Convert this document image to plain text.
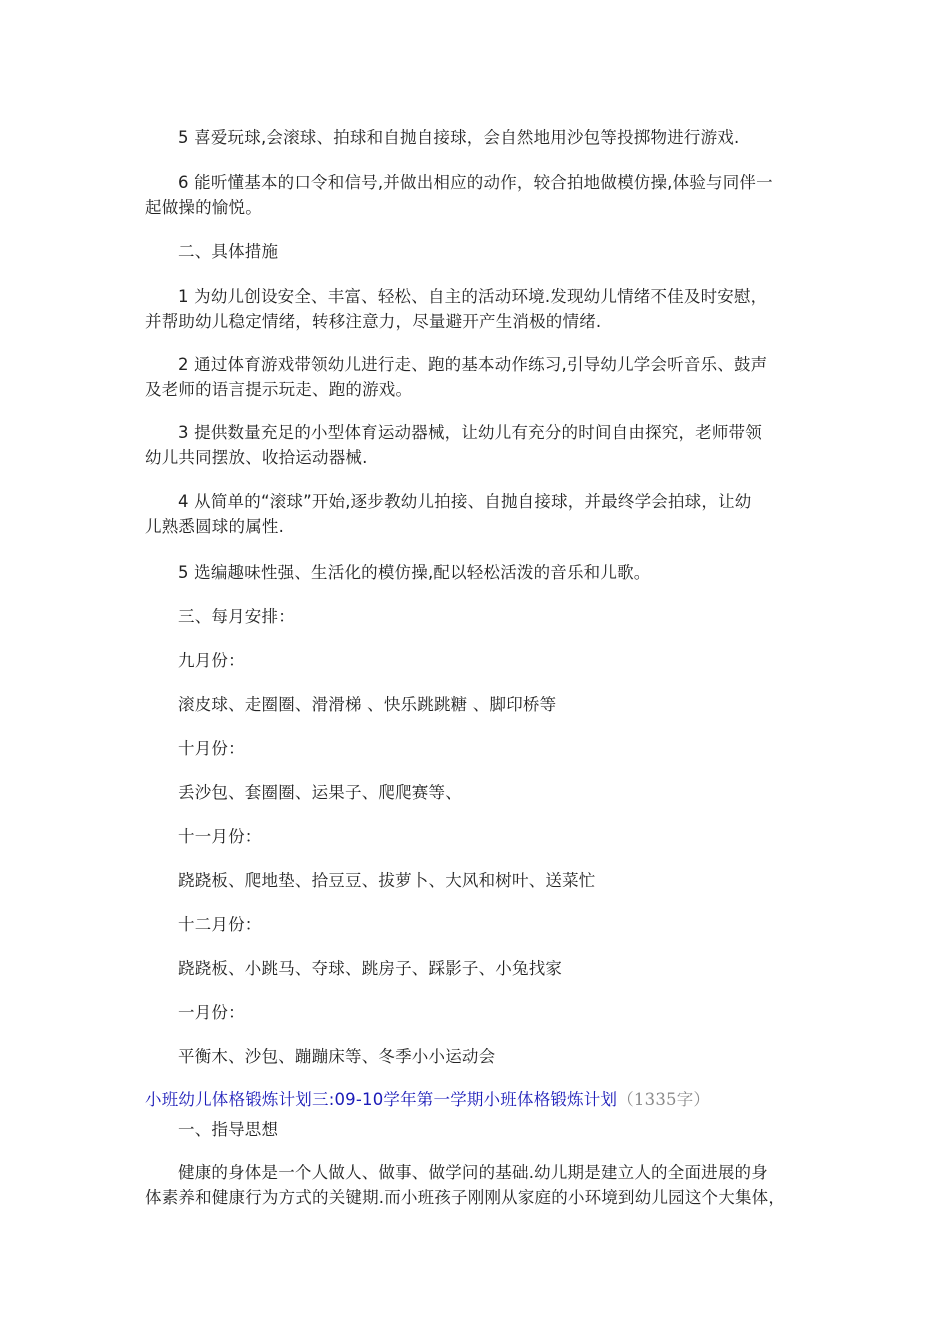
5 喜爱玩球,会滚球、拍球和自抛自接球，会自然地用沙包等投掷物进行游戏.
6 能听懂基本的口令和信号,并做出相应的动作，较合拍地做模仿操,体验与同伴一
起做操的愉悦。
二、具体措施
1 为幼儿创设安全、丰富、轻松、自主的活动环境.发现幼儿情绪不佳及时安慰，
并帮助幼儿稳定情绪，转移注意力，尽量避开产生消极的情绪.
2 通过体育游戏带领幼儿进行走、跑的基本动作练习,引导幼儿学会听音乐、鼓声
及老师的语言提示玩走、跑的游戏。
3 提供数量充足的小型体育运动器械，让幼儿有充分的时间自由探究，老师带领
幼儿共同摆放、收拾运动器械.
4 从简单的“滚球”开始,逐步教幼儿拍接、自抛自接球，并最终学会拍球，让幼
儿熟悉圆球的属性.
5 选编趣味性强、生活化的模仿操,配以轻松活泼的音乐和儿歌。
三、每月安排：
九月份：
滚皮球、走圈圈、滑滑梯 、快乐跳跳糖 、脚印桥等
十月份：
丢沙包、套圈圈、运果子、爬爬赛等、
十一月份：
跷跷板、爬地垫、拾豆豆、拔萝卜、大风和树叶、送菜忙
十二月份：
跷跷板、小跳马、夺球、跳房子、踩影子、小兔找家
一月份：
平衡木、沙包、蹦蹦床等、冬季小小运动会
小班幼儿体格锻炼计划三:09-10学年第一学期小班体格锻炼计划（1335字）
一、指导思想
健康的身体是一个人做人、做事、做学问的基础.幼儿期是建立人的全面进展的身
体素养和健康行为方式的关键期.而小班孩子刚刚从家庭的小环境到幼儿园这个大集体，
